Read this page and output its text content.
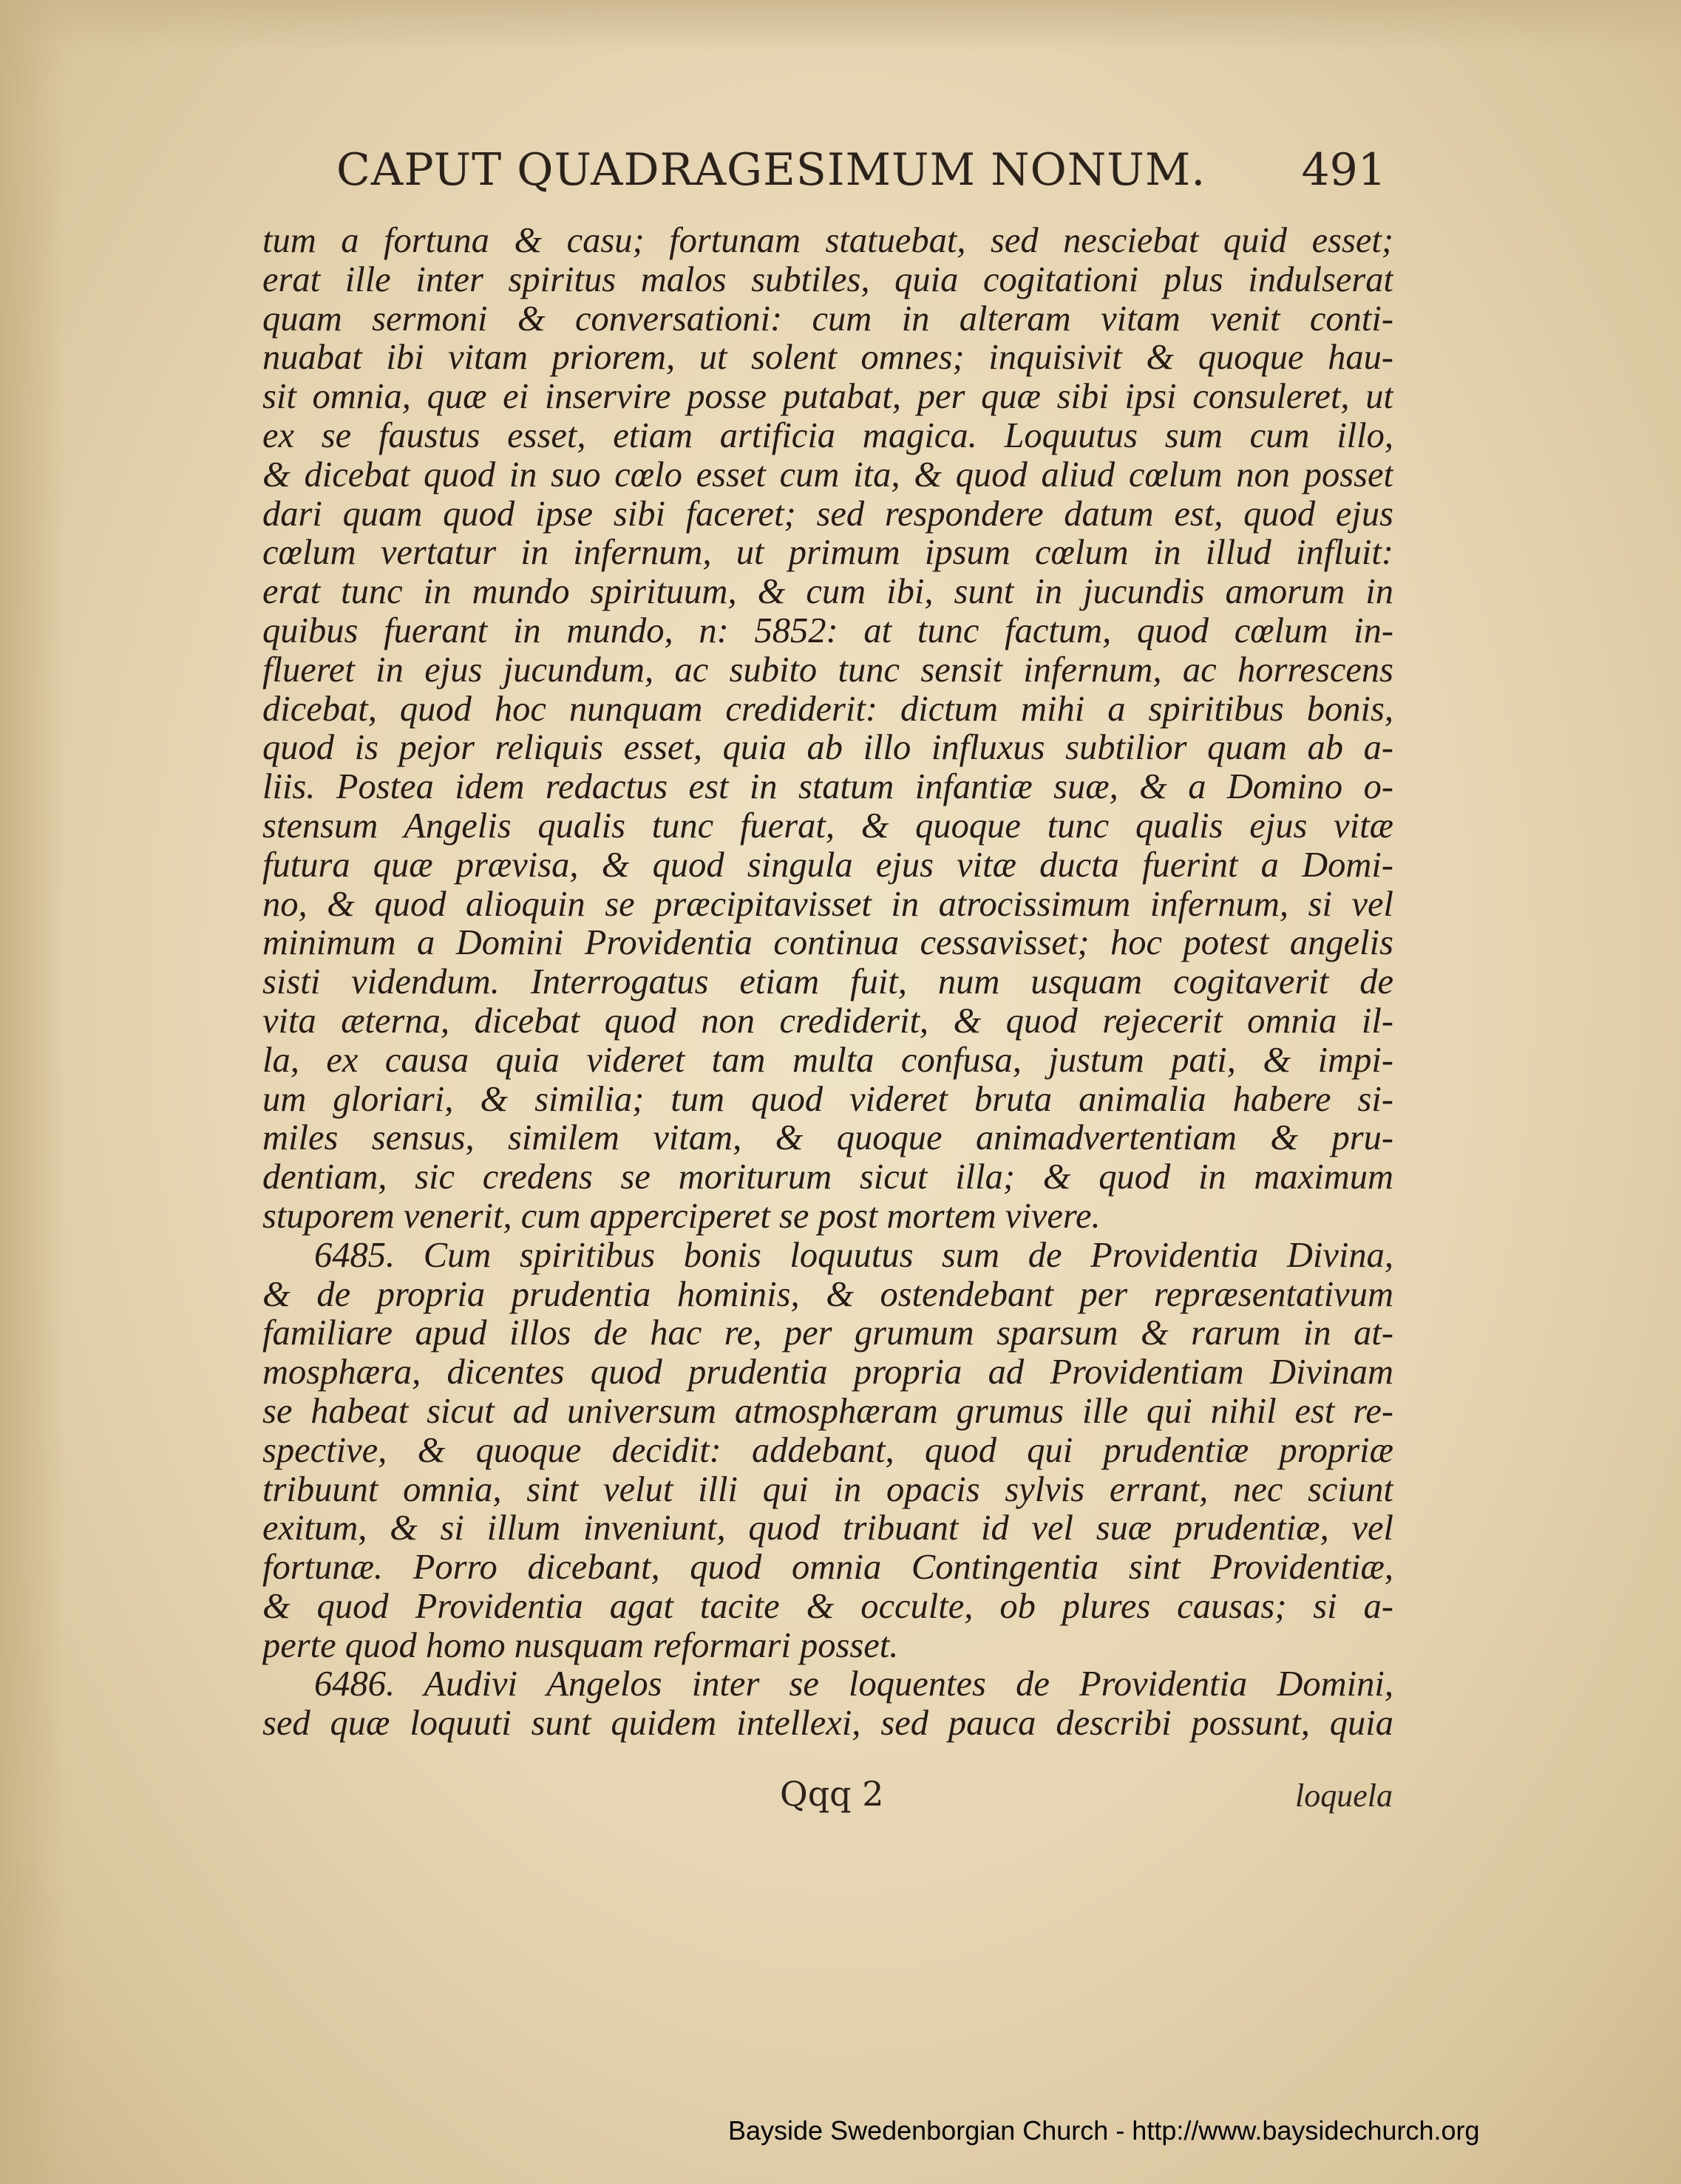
CAPUT QUADRAGESIMUM NONUM. 491
tum a fortuna & casu; fortunam statuebat, sed nesciebat quid esset;
erat ille inter spiritus malos subtiles, quia cogitationi plus indulserat
quam sermoni & conversationi: cum in alteram vitam venit conti-
nuabat ibi vitam priorem, ut solent omnes; inquisivit & quoque hau-
sit omnia, quæ ei inservire posse putabat, per quæ sibi ipsi consuleret, ut
ex se faustus esset, etiam artificia magica. Loquutus sum cum illo,
& dicebat quod in suo cœlo esset cum ita, & quod aliud cœlum non posset
dari quam quod ipse sibi faceret; sed respondere datum est, quod ejus
cœlum vertatur in infernum, ut primum ipsum cœlum in illud influit:
erat tunc in mundo spirituum, & cum ibi, sunt in jucundis amorum in
quibus fuerant in mundo, n: 5852: at tunc factum, quod cœlum in-
flueret in ejus jucundum, ac subito tunc sensit infernum, ac horrescens
dicebat, quod hoc nunquam crediderit: dictum mihi a spiritibus bonis,
quod is pejor reliquis esset, quia ab illo influxus subtilior quam ab a-
liis. Postea idem redactus est in statum infantiæ suæ, & a Domino o-
stensum Angelis qualis tunc fuerat, & quoque tunc qualis ejus vitæ
futura quæ prævisa, & quod singula ejus vitæ ducta fuerint a Domi-
no, & quod alioquin se præcipitavisset in atrocissimum infernum, si vel
minimum a Domini Providentia continua cessavisset; hoc potest angelis
sisti videndum. Interrogatus etiam fuit, num usquam cogitaverit de
vita æterna, dicebat quod non crediderit, & quod rejecerit omnia il-
la, ex causa quia videret tam multa confusa, justum pati, & impi-
um gloriari, & similia; tum quod videret bruta animalia habere si-
miles sensus, similem vitam, & quoque animadvertentiam & pru-
dentiam, sic credens se moriturum sicut illa; & quod in maximum
stuporem venerit, cum apperciperet se post mortem vivere.
6485. Cum spiritibus bonis loquutus sum de Providentia Divina,
& de propria prudentia hominis, & ostendebant per repræsentativum
familiare apud illos de hac re, per grumum sparsum & rarum in at-
mosphæra, dicentes quod prudentia propria ad Providentiam Divinam
se habeat sicut ad universum atmosphæram grumus ille qui nihil est re-
spective, & quoque decidit: addebant, quod qui prudentiæ propriæ
tribuunt omnia, sint velut illi qui in opacis sylvis errant, nec sciunt
exitum, & si illum inveniunt, quod tribuant id vel suæ prudentiæ, vel
fortunæ. Porro dicebant, quod omnia Contingentia sint Providentiæ,
& quod Providentia agat tacite & occulte, ob plures causas; si a-
perte quod homo nusquam reformari posset.
6486. Audivi Angelos inter se loquentes de Providentia Domini,
sed quæ loquuti sunt quidem intellexi, sed pauca describi possunt, quia
Qqq 2	loquela
Bayside Swedenborgian Church - http://www.baysidechurch.org
